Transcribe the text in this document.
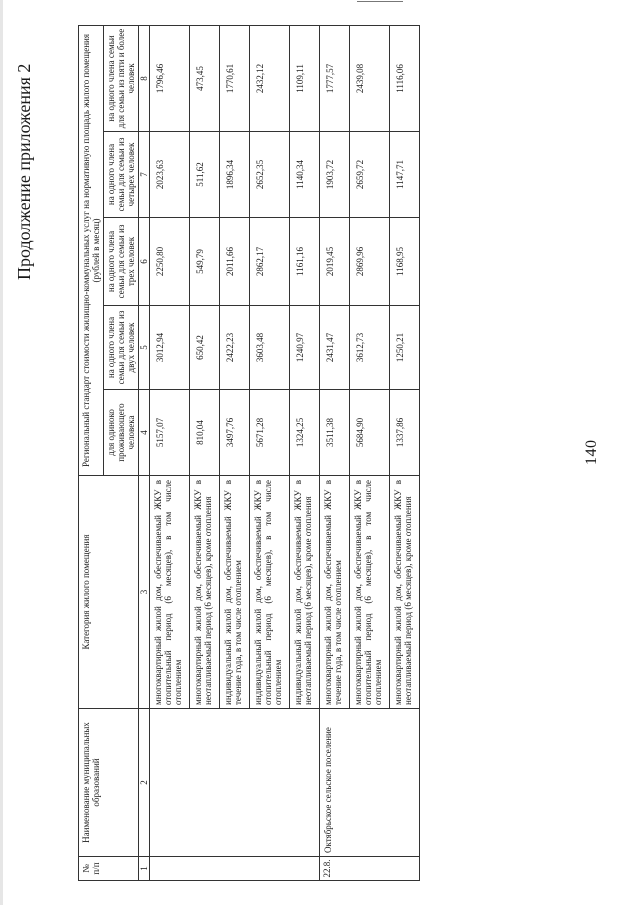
140
Продолжение приложения 2
№ п/п	Наименование муниципальных образований	Категория жилого помещения	Региональный стандарт стоимости жилищно-коммунальных услуг на нормативную площадь жилого помещения (рублей в месяц)				
			для одиноко проживающего человека	на одного члена семьи для семьи из двух человек	на одного члена семьи для семьи из трех человек	на одного члена семьи для семьи из четырех человек	на одного члена семьи для семьи из пяти и более человек
1	2	3	4	5	6	7	8
		многоквартирный жилой дом, обеспечиваемый ЖКУ в отопительный период (6 месяцев), в том числе отоплением	5157,07	3012,94	2250,80	2023,63	1796,46
		многоквартирный жилой дом, обеспечиваемый ЖКУ в неотапливаемый период (6 месяцев), кроме отопления	810,04	650,42	549,79	511,62	473,45
		индивидуальный жилой дом, обеспечиваемый ЖКУ в течение года, в том числе отоплением	3497,76	2422,23	2011,66	1896,34	1770,61
		индивидуальный жилой дом, обеспечиваемый ЖКУ в отопительный период (6 месяцев), в том числе отоплением	5671,28	3603,48	2862,17	2652,35	2432,12
		индивидуальный жилой дом, обеспечиваемый ЖКУ в неотапливаемый период (6 месяцев), кроме отопления	1324,25	1240,97	1161,16	1140,34	1109,11
22.8.	Октябрьское сельское поселение	многоквартирный жилой дом, обеспечиваемый ЖКУ в течение года, в том числе отоплением	3511,38	2431,47	2019,45	1903,72	1777,57
		многоквартирный жилой дом, обеспечиваемый ЖКУ в отопительный период (6 месяцев), в том числе отоплением	5684,90	3612,73	2869,96	2659,72	2439,08
		многоквартирный жилой дом, обеспечиваемый ЖКУ в неотапливаемый период (6 месяцев), кроме отопления	1337,86	1250,21	1168,95	1147,71	1116,06
